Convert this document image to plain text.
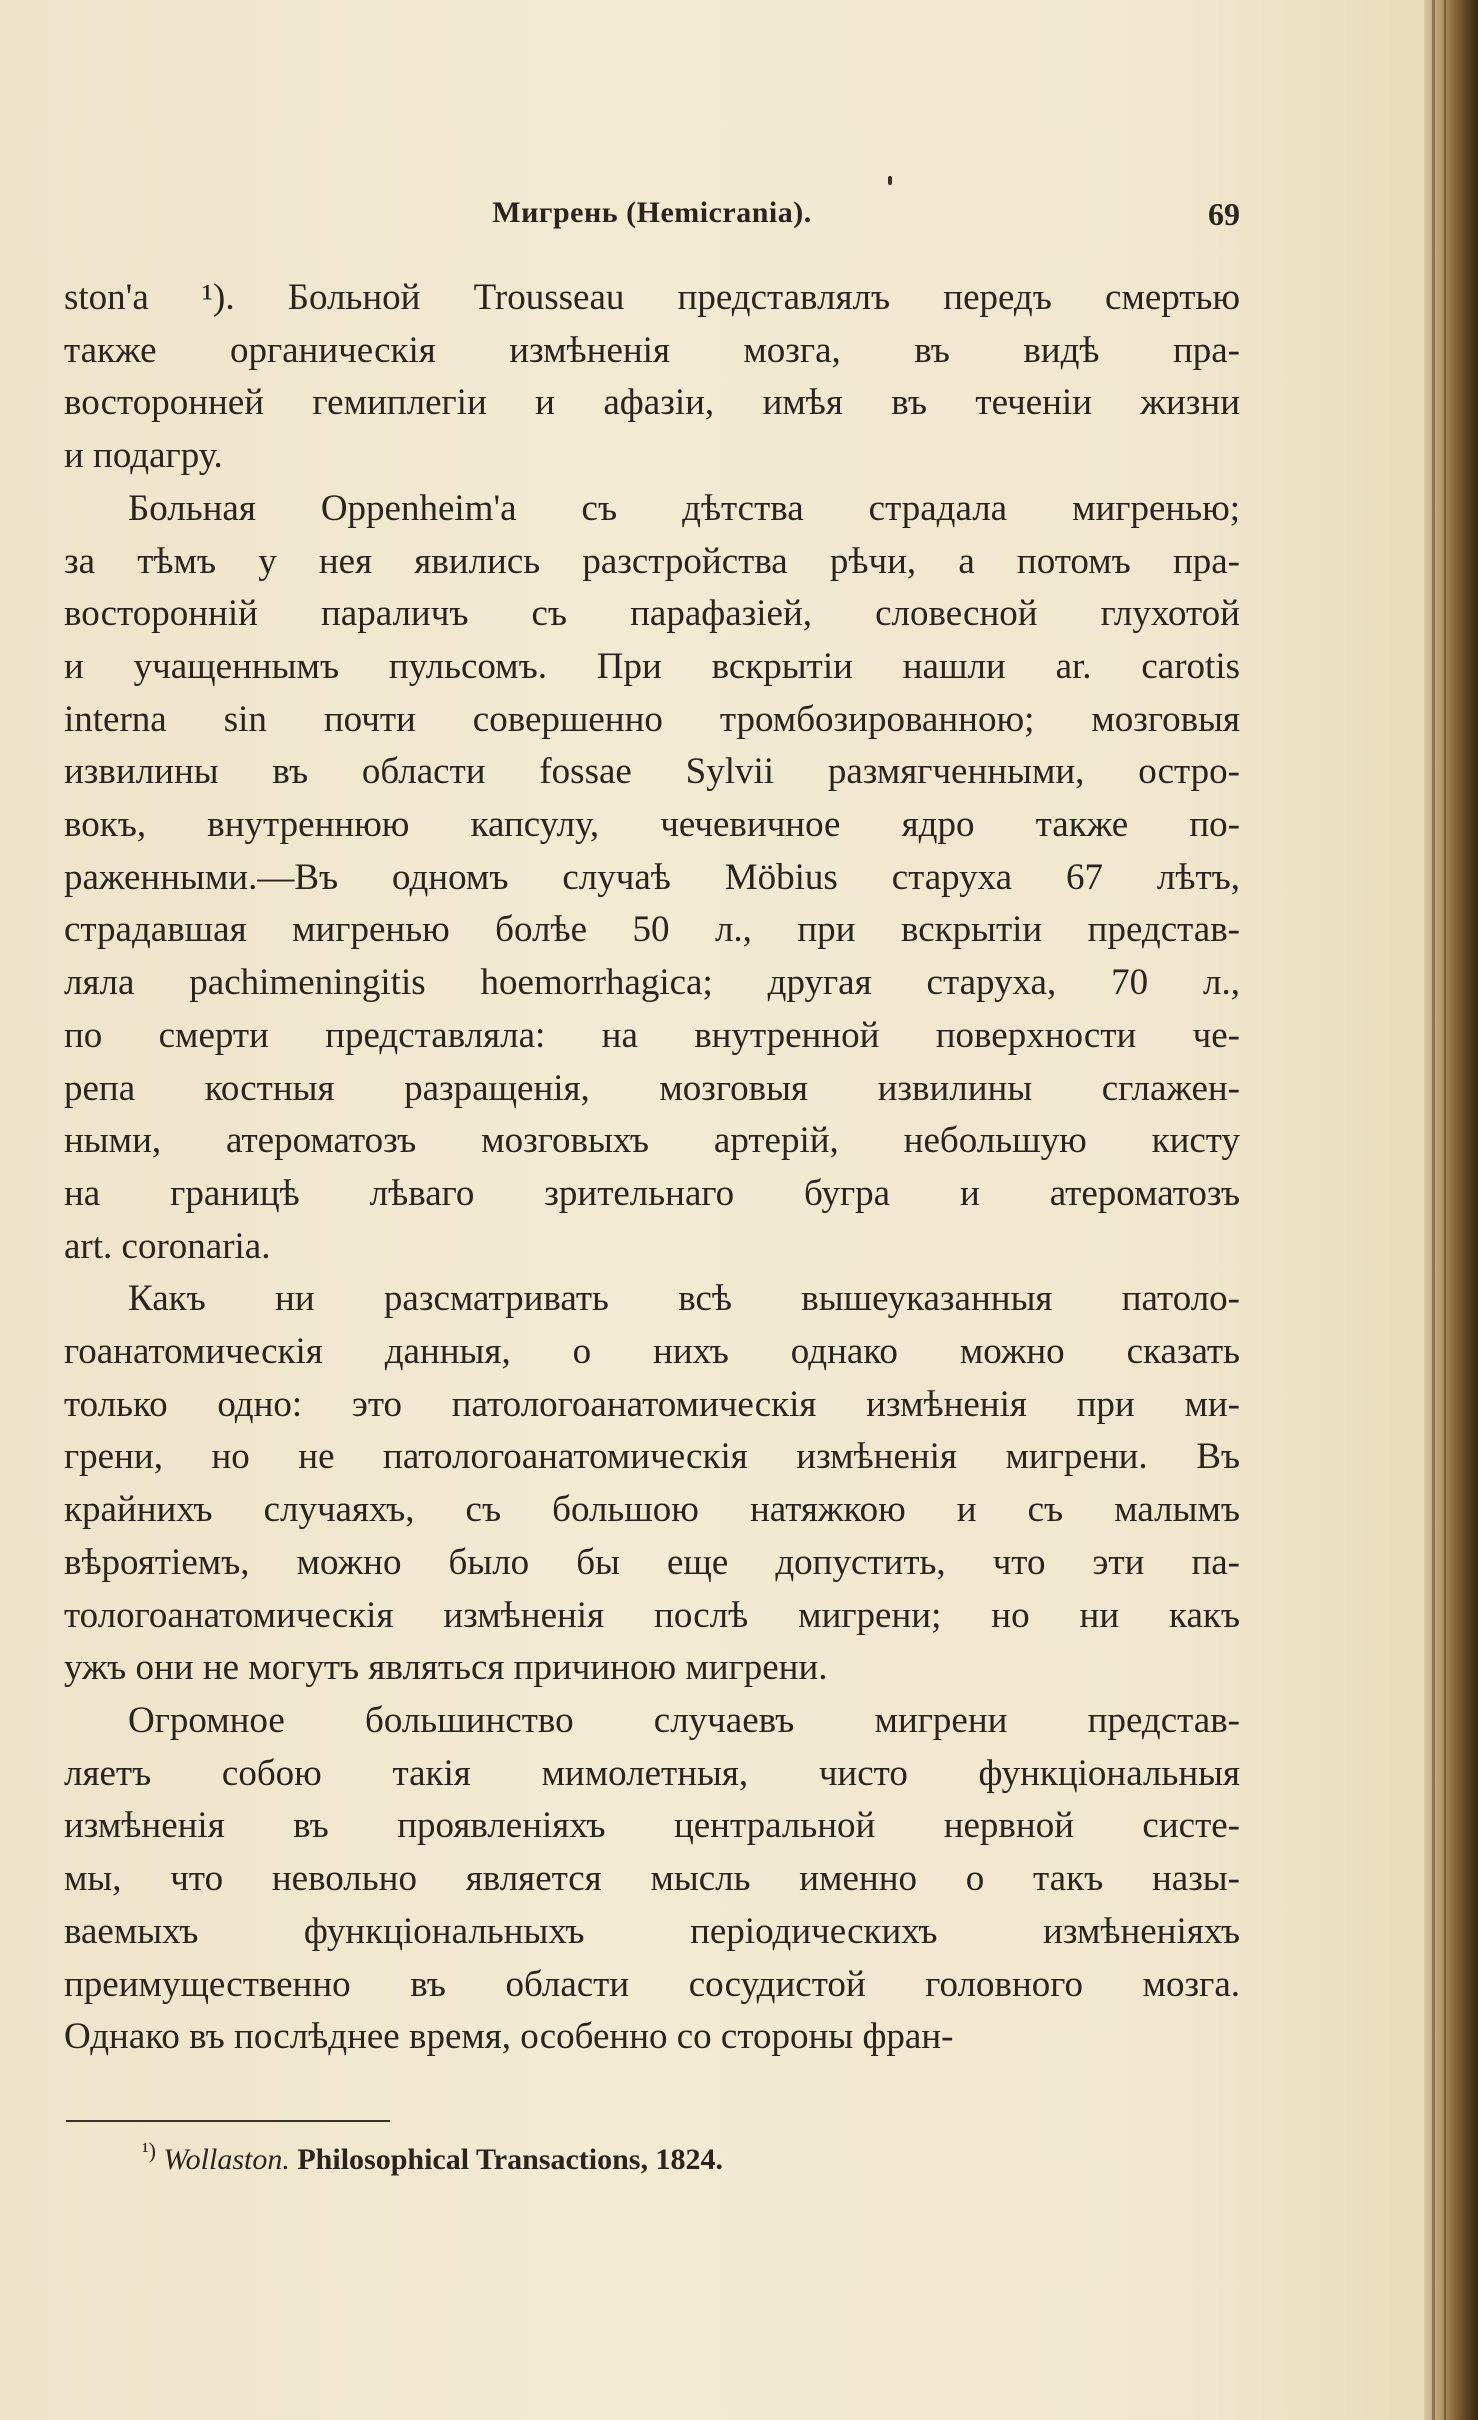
Мигрень (Hemicrania).	69

ston'a ¹). Больной Trousseau представлялъ передъ смертью

также органическія измѣненія мозга, въ видѣ пра-

восторонней гемиплегіи и афазіи, имѣя въ теченіи жизни

и подагру.

Больная Oppenheim'a съ дѣтства страдала мигренью;

за тѣмъ у нея явились разстройства рѣчи, а потомъ пра-

восторонній параличъ съ парафазіей, словесной глухотой

и учащеннымъ пульсомъ. При вскрытіи нашли ar. carotis

interna sin почти совершенно тромбозированною; мозговыя

извилины въ области fossae Sylvii размягченными, остро-

вокъ, внутреннюю капсулу, чечевичное ядро также по-

раженными.—Въ одномъ случаѣ Möbius старуха 67 лѣтъ,

страдавшая мигренью болѣе 50 л., при вскрытіи представ-

ляла pachimeningitis hoemorrhagica; другая старуха, 70 л.,

по смерти представляла: на внутренной поверхности че-

репа костныя разращенія, мозговыя извилины сглажен-

ными, атероматозъ мозговыхъ артерій, небольшую кисту

на границѣ лѣваго зрительнаго бугра и атероматозъ

art. coronaria.

Какъ ни разсматривать всѣ вышеуказанныя патоло-

гоанатомическія данныя, о нихъ однако можно сказать

только одно: это патологоанатомическія измѣненія при ми-

грени, но не патологоанатомическія измѣненія мигрени. Въ

крайнихъ случаяхъ, съ большою натяжкою и съ малымъ

вѣроятіемъ, можно было бы еще допустить, что эти па-

тологоанатомическія измѣненія послѣ мигрени; но ни какъ

ужъ они не могутъ являться причиною мигрени.

Огромное большинство случаевъ мигрени представ-

ляетъ собою такія мимолетныя, чисто функціональныя

измѣненія въ проявленіяхъ центральной нервной систе-

мы, что невольно является мысль именно о такъ назы-

ваемыхъ функціональныхъ періодическихъ измѣненіяхъ

преимущественно въ области сосудистой головного мозга.

Однако въ послѣднее время, особенно со стороны фран-

$^{^1)}$ Wollaston. Philosophical Transactions, 1824.
